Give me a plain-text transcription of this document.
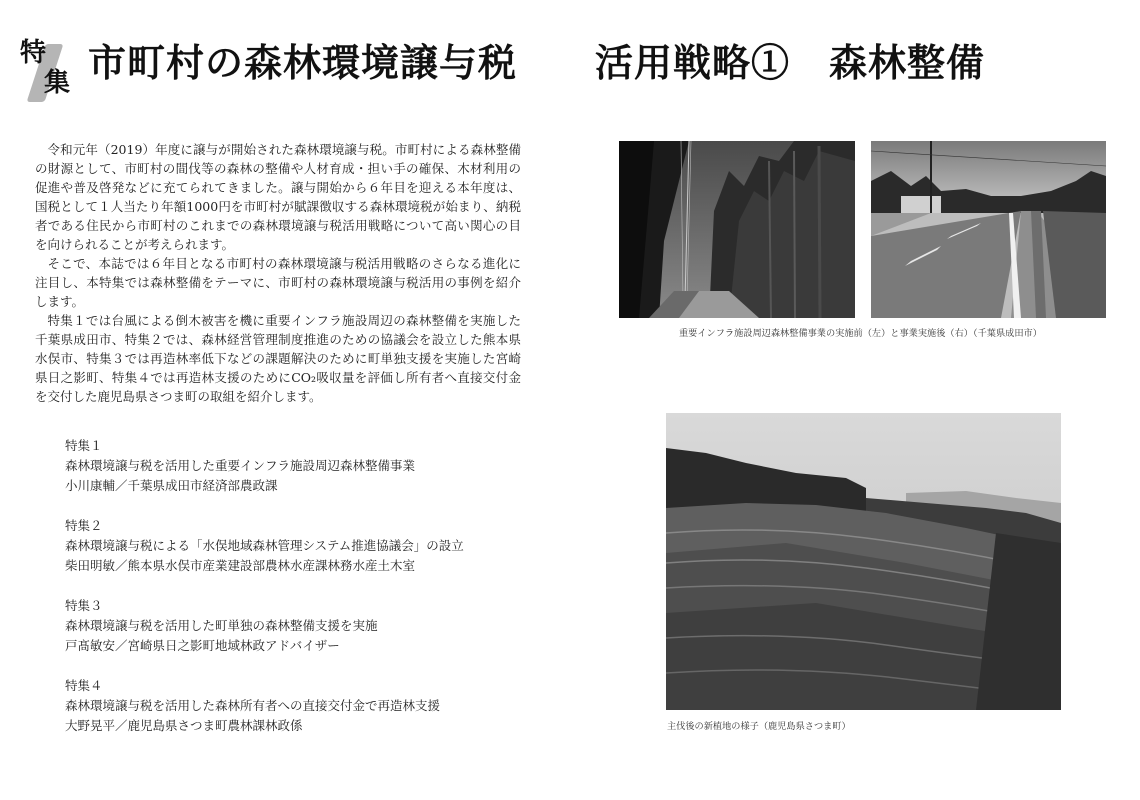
特
集 市町村の森林環境譲与税　　活用戦略①　森林整備

令和元年（2019）年度に譲与が開始された森林環境譲与税。市町村による森林整備の財源として、市町村の間伐等の森林の整備や人材育成・担い手の確保、木材利用の促進や普及啓発などに充てられてきました。譲与開始から６年目を迎える本年度は、国税として１人当たり年額1000円を市町村が賦課徴収する森林環境税が始まり、納税者である住民から市町村のこれまでの森林環境譲与税活用戦略について高い関心の目を向けられることが考えられます。

そこで、本誌では６年目となる市町村の森林環境譲与税活用戦略のさらなる進化に注目し、本特集では森林整備をテーマに、市町村の森林環境譲与税活用の事例を紹介します。

特集１では台風による倒木被害を機に重要インフラ施設周辺の森林整備を実施した千葉県成田市、特集２では、森林経営管理制度推進のための協議会を設立した熊本県水俣市、特集３では再造林率低下などの課題解決のために町単独支援を実施した宮崎県日之影町、特集４では再造林支援のためにCO₂吸収量を評価し所有者へ直接交付金を交付した鹿児島県さつま町の取組を紹介します。

特集１
森林環境譲与税を活用した重要インフラ施設周辺森林整備事業
小川康輔／千葉県成田市経済部農政課
特集２
森林環境譲与税による「水俣地域森林管理システム推進協議会」の設立
柴田明敏／熊本県水俣市産業建設部農林水産課林務水産土木室
特集３
森林環境譲与税を活用した町単独の森林整備支援を実施
戸髙敏安／宮崎県日之影町地域林政アドバイザー
特集４
森林環境譲与税を活用した森林所有者への直接交付金で再造林支援
大野晃平／鹿児島県さつま町農林課林政係
重要インフラ施設周辺森林整備事業の実施前（左）と事業実施後（右）（千葉県成田市）
主伐後の新植地の様子（鹿児島県さつま町）
